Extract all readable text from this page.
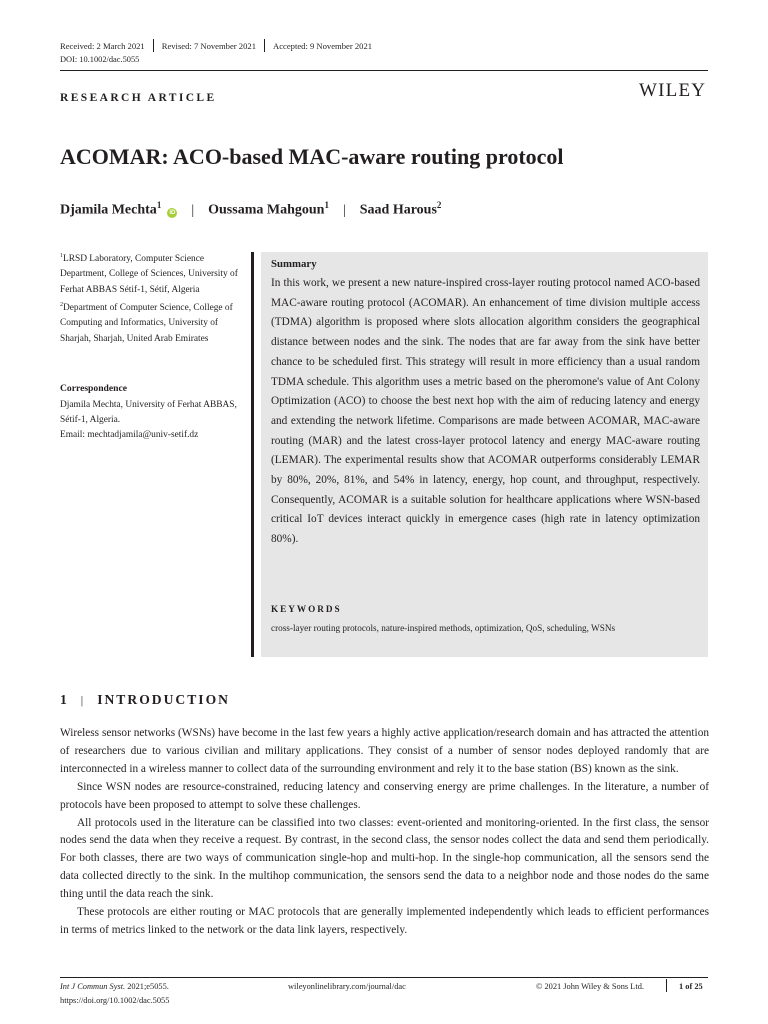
Received: 2 March 2021 Revised: 7 November 2021 Accepted: 9 November 2021
DOI: 10.1002/dac.5055
RESEARCH ARTICLE	WILEY
ACOMAR: ACO-based MAC-aware routing protocol
Djamila Mechta$^1$
iD | Oussama Mahgoun$^1$ | Saad Harous$^2$

$^1$LRSD Laboratory, Computer Science Department, College of Sciences, University of Ferhat ABBAS Sétif-1, Sétif, Algeria

$^2$Department of Computer Science, College of Computing and Informatics, University of Sharjah, Sharjah, United Arab Emirates

Correspondence

Djamila Mechta, University of Ferhat ABBAS, Sétif-1, Algeria.

Email: mechtadjamila@univ-setif.dz

Summary
In this work, we present a new nature-inspired cross-layer routing protocol named ACO-based MAC-aware routing protocol (ACOMAR). An enhancement of time division multiple access (TDMA) algorithm is proposed where slots allocation algorithm considers the geographical distance between nodes and the sink. The nodes that are far away from the sink have better chance to be scheduled first. This strategy will result in more efficiency than a usual random TDMA schedule. This algorithm uses a metric based on the pheromone's value of Ant Colony Optimization (ACO) to choose the best next hop with the aim of reducing latency and energy and extending the network lifetime. Comparisons are made between ACOMAR, MAC-aware routing (MAR) and the latest cross-layer protocol latency and energy MAC-aware routing (LEMAR). The experimental results show that ACOMAR outperforms considerably LEMAR by 80%, 20%, 81%, and 54% in latency, energy, hop count, and throughput, respectively. Consequently, ACOMAR is a suitable solution for healthcare applications where WSN-based critical IoT devices interact quickly in emergence cases (high rate in latency optimization 80%).
KEYWORDS
cross-layer routing protocols, nature-inspired methods, optimization, QoS, scheduling, WSNs
1 | INTRODUCTION

Wireless sensor networks (WSNs) have become in the last few years a highly active application/research domain and has attracted the attention of researchers due to various civilian and military applications. They consist of a number of sensor nodes deployed randomly that are interconnected in a wireless manner to collect data of the surrounding environment and rely it to the base station (BS) known as the sink.

Since WSN nodes are resource-constrained, reducing latency and conserving energy are prime challenges. In the literature, a number of protocols have been proposed to attempt to solve these challenges.

All protocols used in the literature can be classified into two classes: event-oriented and monitoring-oriented. In the first class, the sensor nodes send the data when they receive a request. By contrast, in the second class, the sensor nodes collect the data and send them periodically. For both classes, there are two ways of communication single-hop and multi-hop. In the single-hop communication, all the sensors send the data collected directly to the sink. In the multihop communication, the sensors send the data to a neighbor node and those nodes do the same thing until the data reach the sink.

These protocols are either routing or MAC protocols that are generally implemented independently which leads to efficient performances in terms of metrics linked to the network or the data link layers, respectively.

Int J Commun Syst. 2021;e5055.
https://doi.org/10.1002/dac.5055
wileyonlinelibrary.com/journal/dac	© 2021 John Wiley & Sons Ltd.	1 of 25
